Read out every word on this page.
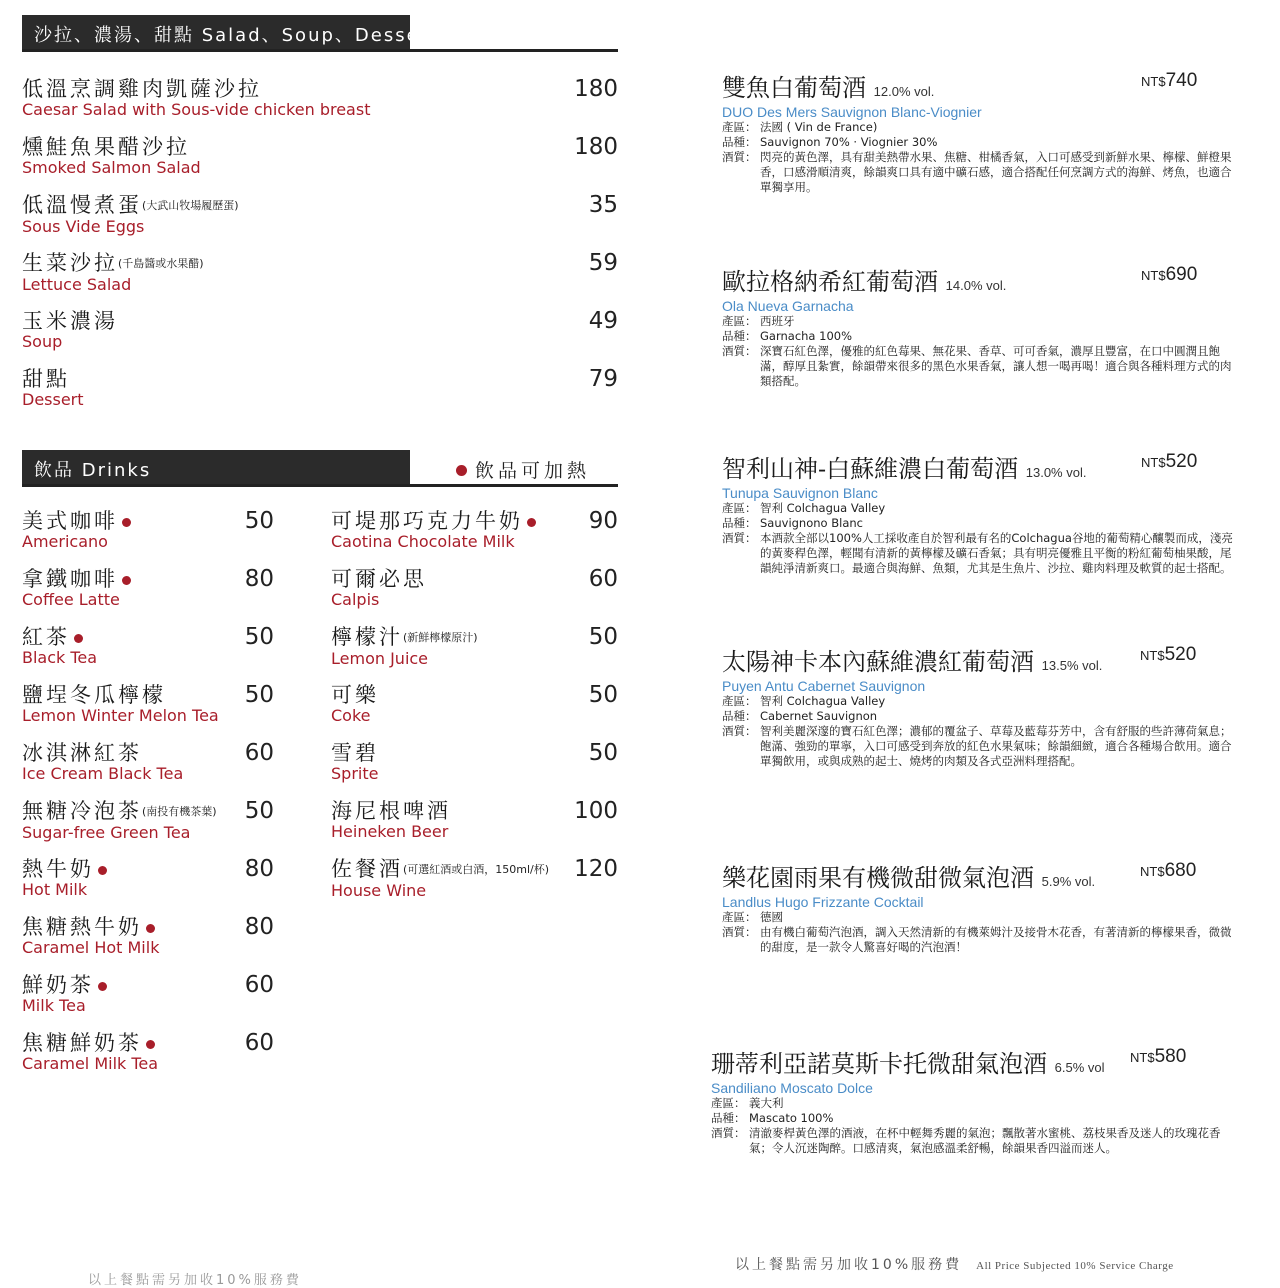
沙拉、濃湯、甜點 Salad、Soup、Dessert
低溫烹調雞肉凱薩沙拉
Caesar Salad with Sous-vide chicken breast
180
燻鮭魚果醋沙拉
Smoked Salmon Salad
180
低溫慢煮蛋(大武山牧場履歷蛋)
Sous Vide Eggs
35
生菜沙拉(千島醬或水果醋)
Lettuce Salad
59
玉米濃湯
Soup
49
甜點
Dessert
79
飲品 Drinks	飲品可加熱
美式咖啡
Americano
50
拿鐵咖啡
Coffee Latte
80
紅茶
Black Tea
50
鹽埕冬瓜檸檬
Lemon Winter Melon Tea
50
冰淇淋紅茶
Ice Cream Black Tea
60
無糖冷泡茶(南投有機茶葉)
Sugar-free Green Tea
50
熱牛奶
Hot Milk
80
焦糖熱牛奶
Caramel Hot Milk
80
鮮奶茶
Milk Tea
60
焦糖鮮奶茶
Caramel Milk Tea
60
可堤那巧克力牛奶
Caotina Chocolate Milk
90
可爾必思
Calpis
60
檸檬汁(新鮮檸檬原汁)
Lemon Juice
50
可樂
Coke
50
雪碧
Sprite
50
海尼根啤酒
Heineken Beer
100
佐餐酒(可選紅酒或白酒，150ml/杯)
House Wine
120
雙魚白葡萄酒 12.0% vol.
NT$740
DUO Des Mers Sauvignon Blanc-Viognier
產區： 法國 ( Vin de France)
品種： Sauvignon 70% · Viognier 30%
酒質： 閃亮的黃色澤，具有甜美熱帶水果、焦糖、柑橘香氣，入口可感受到新鮮水果、檸檬、鮮橙果香，口感滑順清爽，餘韻爽口具有適中礦石感，適合搭配任何烹調方式的海鮮、烤魚，也適合單獨享用。
歐拉格納希紅葡萄酒 14.0% vol.
NT$690
Ola Nueva Garnacha
產區： 西班牙
品種： Garnacha 100%
酒質： 深寶石紅色澤，優雅的紅色莓果、無花果、香草、可可香氣，濃厚且豐富，在口中圓潤且飽滿，醇厚且紮實，餘韻帶來很多的黑色水果香氣，讓人想一喝再喝！適合與各種料理方式的肉類搭配。
智利山神-白蘇維濃白葡萄酒 13.0% vol.
NT$520
Tunupa Sauvignon Blanc
產區： 智利 Colchagua Valley
品種： Sauvignono Blanc
酒質： 本酒款全部以100%人工採收產自於智利最有名的Colchagua谷地的葡萄精心釀製而成，淺亮的黃麥稈色澤，輕聞有清新的黃檸檬及礦石香氣；具有明亮優雅且平衡的粉紅葡萄柚果酸，尾韻純淨清新爽口。最適合與海鮮、魚類，尤其是生魚片、沙拉、雞肉料理及軟質的起士搭配。
太陽神卡本內蘇維濃紅葡萄酒 13.5% vol.
NT$520
Puyen Antu Cabernet Sauvignon
產區： 智利 Colchagua Valley
品種： Cabernet Sauvignon
酒質： 智利美麗深邃的寶石紅色澤；濃郁的覆盆子、草莓及藍莓芬芳中，含有舒服的些許薄荷氣息；飽滿、強勁的單寧，入口可感受到奔放的紅色水果氣味；餘韻細緻，適合各種場合飲用。適合單獨飲用，或與成熟的起士、燒烤的肉類及各式亞洲料理搭配。
樂花園雨果有機微甜微氣泡酒 5.9% vol.
NT$680
Landlus Hugo Frizzante Cocktail
產區： 德國
酒質： 由有機白葡萄汽泡酒，調入天然清新的有機萊姆汁及接骨木花香，有著清新的檸檬果香，微微的甜度，是一款令人驚喜好喝的汽泡酒！
珊蒂利亞諾莫斯卡托微甜氣泡酒 6.5% vol
NT$580
Sandiliano Moscato Dolce
產區： 義大利
品種： Mascato 100%
酒質： 清澈麥桿黃色澤的酒液，在杯中輕舞秀麗的氣泡；飄散著水蜜桃、荔枝果香及迷人的玫瑰花香氣；令人沉迷陶醉。口感清爽，氣泡感溫柔舒暢，餘韻果香四溢而迷人。
以上餐點需另加收10%服務費 All Price Subjected 10% Service Charge
以上餐點需另加收10%服務費
